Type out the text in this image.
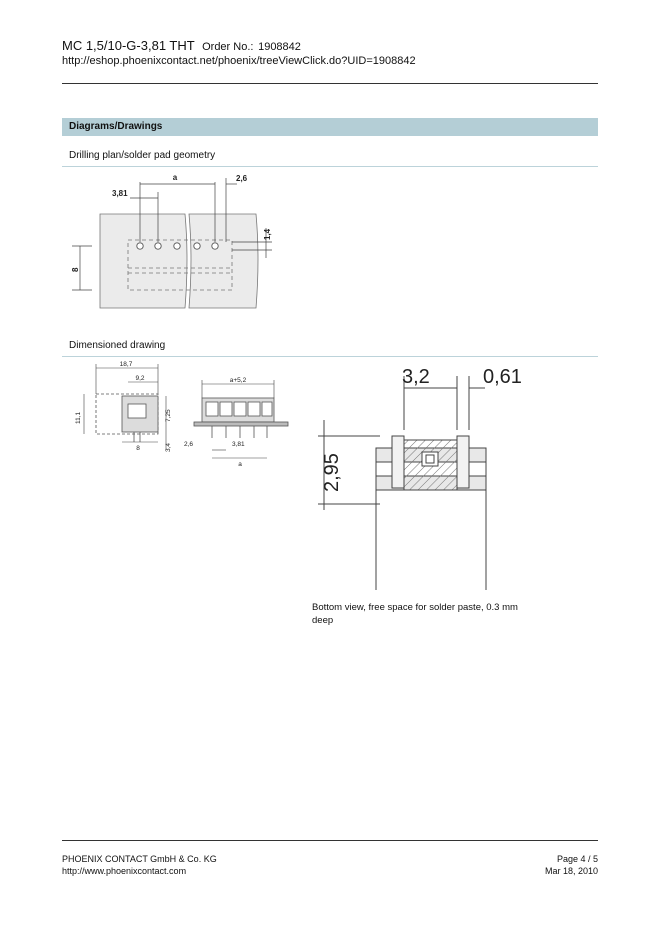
MC 1,5/10-G-3,81 THT Order No.: 1908842
http://eshop.phoenixcontact.net/phoenix/treeViewClick.do?UID=1908842
Diagrams/Drawings
Drilling plan/solder pad geometry
a
3,81
2,6
1,4
8
Dimensioned drawing
18,7
9,2
11,1	7,25
8	3,4
a+5,2
2,6	3,81
a
3,2	0,61
2,95
Bottom view, free space for solder paste, 0.3 mm deep
PHOENIX CONTACT GmbH & Co. KG
http://www.phoenixcontact.com
Page 4 / 5
Mar 18, 2010
